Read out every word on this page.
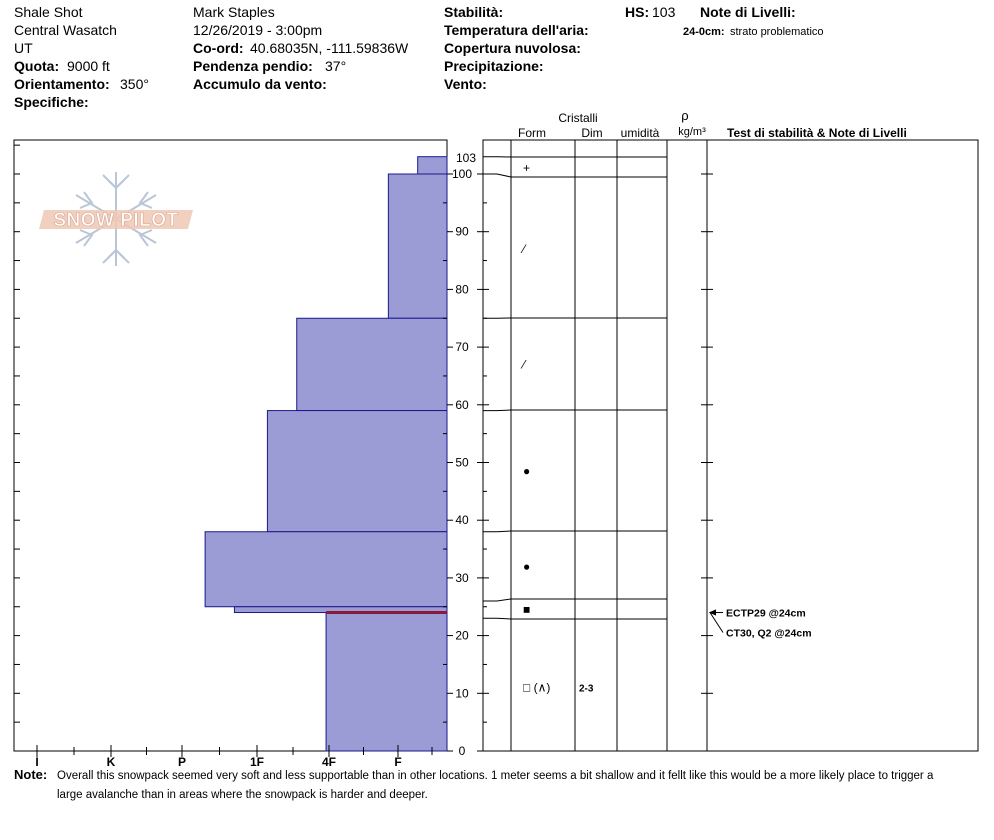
Shale Shot
Central Wasatch
UT
Quota: 9000 ft
Orientamento: 350°
Specifiche:
Mark Staples
12/26/2019 - 3:00pm
Co-ord: 40.68035N, -111.59836W
Pendenza pendio: 37°
Accumulo da vento:
Stabilità:
Temperatura dell'aria:
Copertura nuvolosa:
Precipitazione:
Vento:
HS: 103 Note di Livelli:
24-0cm: strato problematico
SNOW PILOT
I	K	P	1F	4F	F
0
10
20
30
40
50
60
70
80
90
100
103
Cristalli
Form	Dim umidità
ρ
kg/m³ Test di stabilità & Note di Livelli
+
⁄
⁄
●
●
■
□ (∧)	2-3
ECTP29 @24cm
CT30, Q2 @24cm
Note: Overall this snowpack seemed very soft and less supportable than in other locations. 1 meter seems a bit shallow and it fellt like this would be a more likely place to trigger a
large avalanche than in areas where the snowpack is harder and deeper.
